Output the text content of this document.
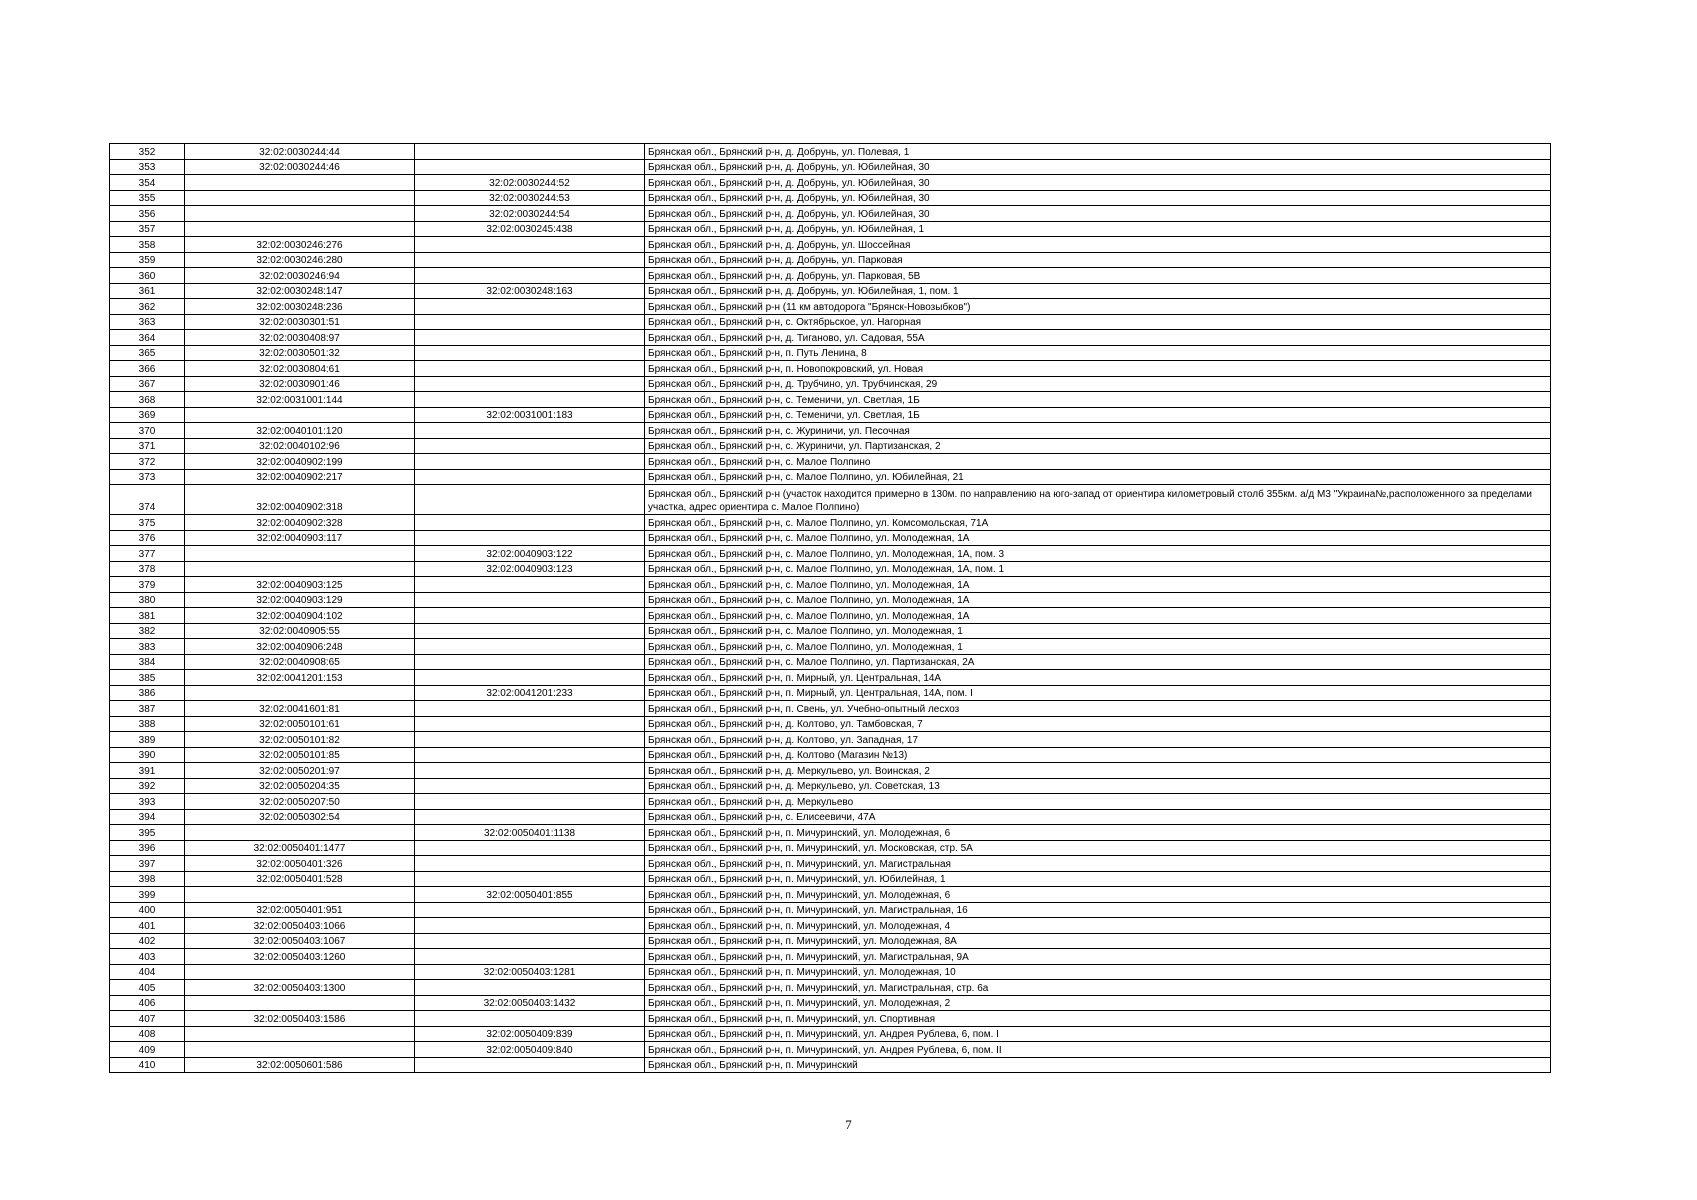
352	32:02:0030244:44		Брянская обл., Брянский р-н, д. Добрунь, ул. Полевая, 1
353	32:02:0030244:46		Брянская обл., Брянский р-н, д. Добрунь, ул. Юбилейная, 30
354		32:02:0030244:52	Брянская обл., Брянский р-н, д. Добрунь, ул. Юбилейная, 30
355		32:02:0030244:53	Брянская обл., Брянский р-н, д. Добрунь, ул. Юбилейная, 30
356		32:02:0030244:54	Брянская обл., Брянский р-н, д. Добрунь, ул. Юбилейная, 30
357		32:02:0030245:438	Брянская обл., Брянский р-н, д. Добрунь, ул. Юбилейная, 1
358	32:02:0030246:276		Брянская обл., Брянский р-н, д. Добрунь, ул. Шоссейная
359	32:02:0030246:280		Брянская обл., Брянский р-н, д. Добрунь, ул. Парковая
360	32:02:0030246:94		Брянская обл., Брянский р-н, д. Добрунь, ул. Парковая, 5В
361	32:02:0030248:147	32:02:0030248:163	Брянская обл., Брянский р-н, д. Добрунь, ул. Юбилейная, 1, пом. 1
362	32:02:0030248:236		Брянская обл., Брянский р-н (11 км автодорога "Брянск-Новозыбков")
363	32:02:0030301:51		Брянская обл., Брянский р-н, с. Октябрьское, ул. Нагорная
364	32:02:0030408:97		Брянская обл., Брянский р-н, д. Тиганово, ул. Садовая, 55А
365	32:02:0030501:32		Брянская обл., Брянский р-н, п. Путь Ленина, 8
366	32:02:0030804:61		Брянская обл., Брянский р-н, п. Новопокровский, ул. Новая
367	32:02:0030901:46		Брянская обл., Брянский р-н, д. Трубчино, ул. Трубчинская, 29
368	32:02:0031001:144		Брянская обл., Брянский р-н, с. Теменичи, ул. Светлая, 1Б
369		32:02:0031001:183	Брянская обл., Брянский р-н, с. Теменичи, ул. Светлая, 1Б
370	32:02:0040101:120		Брянская обл., Брянский р-н, с. Журиничи, ул. Песочная
371	32:02:0040102:96		Брянская обл., Брянский р-н, с. Журиничи, ул. Партизанская, 2
372	32:02:0040902:199		Брянская обл., Брянский р-н, с. Малое Полпино
373	32:02:0040902:217		Брянская обл., Брянский р-н, с. Малое Полпино, ул. Юбилейная, 21
374	32:02:0040902:318		Брянская обл., Брянский р-н (участок находится примерно в 130м. по направлению на юго-запад от ориентира километровый столб 355км. а/д М3 "Украина№,расположенного за пределами участка, адрес ориентира с. Малое Полпино)
375	32:02:0040902:328		Брянская обл., Брянский р-н, с. Малое Полпино, ул. Комсомольская, 71А
376	32:02:0040903:117		Брянская обл., Брянский р-н, с. Малое Полпино, ул. Молодежная, 1А
377		32:02:0040903:122	Брянская обл., Брянский р-н, с. Малое Полпино, ул. Молодежная, 1А, пом. 3
378		32:02:0040903:123	Брянская обл., Брянский р-н, с. Малое Полпино, ул. Молодежная, 1А, пом. 1
379	32:02:0040903:125		Брянская обл., Брянский р-н, с. Малое Полпино, ул. Молодежная, 1А
380	32:02:0040903:129		Брянская обл., Брянский р-н, с. Малое Полпино, ул. Молодежная, 1А
381	32:02:0040904:102		Брянская обл., Брянский р-н, с. Малое Полпино, ул. Молодежная, 1А
382	32:02:0040905:55		Брянская обл., Брянский р-н, с. Малое Полпино, ул. Молодежная, 1
383	32:02:0040906:248		Брянская обл., Брянский р-н, с. Малое Полпино, ул. Молодежная, 1
384	32:02:0040908:65		Брянская обл., Брянский р-н, с. Малое Полпино, ул. Партизанская, 2А
385	32:02:0041201:153		Брянская обл., Брянский р-н, п. Мирный, ул. Центральная, 14А
386		32:02:0041201:233	Брянская обл., Брянский р-н, п. Мирный, ул. Центральная, 14А, пом. I
387	32:02:0041601:81		Брянская обл., Брянский р-н, п. Свень, ул. Учебно-опытный лесхоз
388	32:02:0050101:61		Брянская обл., Брянский р-н, д. Колтово, ул. Тамбовская, 7
389	32:02:0050101:82		Брянская обл., Брянский р-н, д. Колтово, ул. Западная, 17
390	32:02:0050101:85		Брянская обл., Брянский р-н, д. Колтово (Магазин №13)
391	32:02:0050201:97		Брянская обл., Брянский р-н, д. Меркульево, ул. Воинская, 2
392	32:02:0050204:35		Брянская обл., Брянский р-н, д. Меркульево, ул. Советская, 13
393	32:02:0050207:50		Брянская обл., Брянский р-н, д. Меркульево
394	32:02:0050302:54		Брянская обл., Брянский р-н, с. Елисеевичи, 47А
395		32:02:0050401:1138	Брянская обл., Брянский р-н, п. Мичуринский, ул. Молодежная, 6
396	32:02:0050401:1477		Брянская обл., Брянский р-н, п. Мичуринский, ул. Московская, стр. 5А
397	32:02:0050401:326		Брянская обл., Брянский р-н, п. Мичуринский, ул. Магистральная
398	32:02:0050401:528		Брянская обл., Брянский р-н, п. Мичуринский, ул. Юбилейная, 1
399		32:02:0050401:855	Брянская обл., Брянский р-н, п. Мичуринский, ул. Молодежная, 6
400	32:02:0050401:951		Брянская обл., Брянский р-н, п. Мичуринский, ул. Магистральная, 16
401	32:02:0050403:1066		Брянская обл., Брянский р-н, п. Мичуринский, ул. Молодежная, 4
402	32:02:0050403:1067		Брянская обл., Брянский р-н, п. Мичуринский, ул. Молодежная, 8А
403	32:02:0050403:1260		Брянская обл., Брянский р-н, п. Мичуринский, ул. Магистральная, 9А
404		32:02:0050403:1281	Брянская обл., Брянский р-н, п. Мичуринский, ул. Молодежная, 10
405	32:02:0050403:1300		Брянская обл., Брянский р-н, п. Мичуринский, ул. Магистральная, стр. 6а
406		32:02:0050403:1432	Брянская обл., Брянский р-н, п. Мичуринский, ул. Молодежная, 2
407	32:02:0050403:1586		Брянская обл., Брянский р-н, п. Мичуринский, ул. Спортивная
408		32:02:0050409:839	Брянская обл., Брянский р-н, п. Мичуринский, ул. Андрея Рублева, 6, пом. I
409		32:02:0050409:840	Брянская обл., Брянский р-н, п. Мичуринский, ул. Андрея Рублева, 6, пом. II
410	32:02:0050601:586		Брянская обл., Брянский р-н, п. Мичуринский
7
